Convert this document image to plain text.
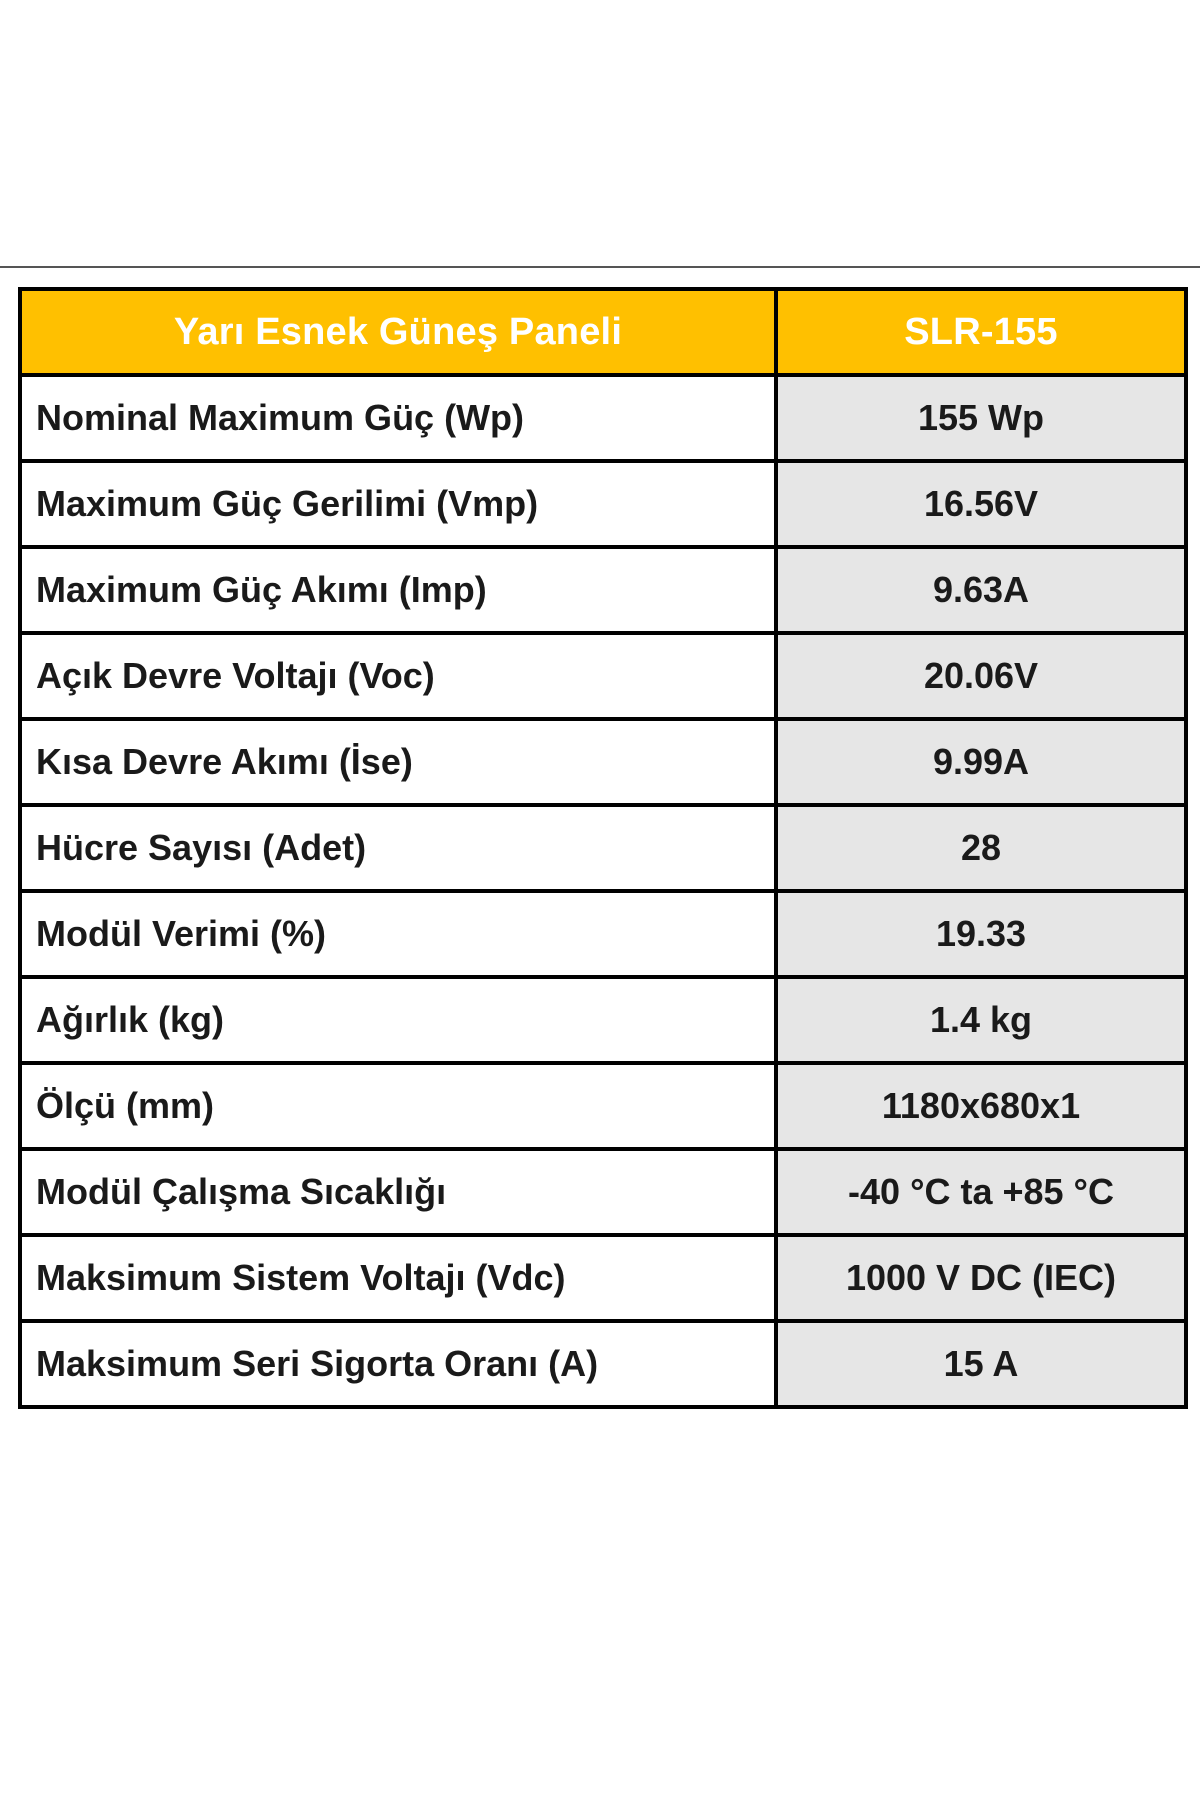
Yarı Esnek Güneş Paneli	SLR-155
Nominal Maximum Güç (Wp)	155 Wp
Maximum Güç Gerilimi (Vmp)	16.56V
Maximum Güç Akımı (Imp)	9.63A
Açık Devre Voltajı (Voc)	20.06V
Kısa Devre Akımı (İse)	9.99A
Hücre Sayısı (Adet)	28
Modül Verimi (%)	19.33
Ağırlık (kg)	1.4 kg
Ölçü (mm)	1180x680x1
Modül Çalışma Sıcaklığı	-40 °C ta +85 °C
Maksimum Sistem Voltajı (Vdc)	1000 V DC (IEC)
Maksimum Seri Sigorta Oranı (A)	15 A
